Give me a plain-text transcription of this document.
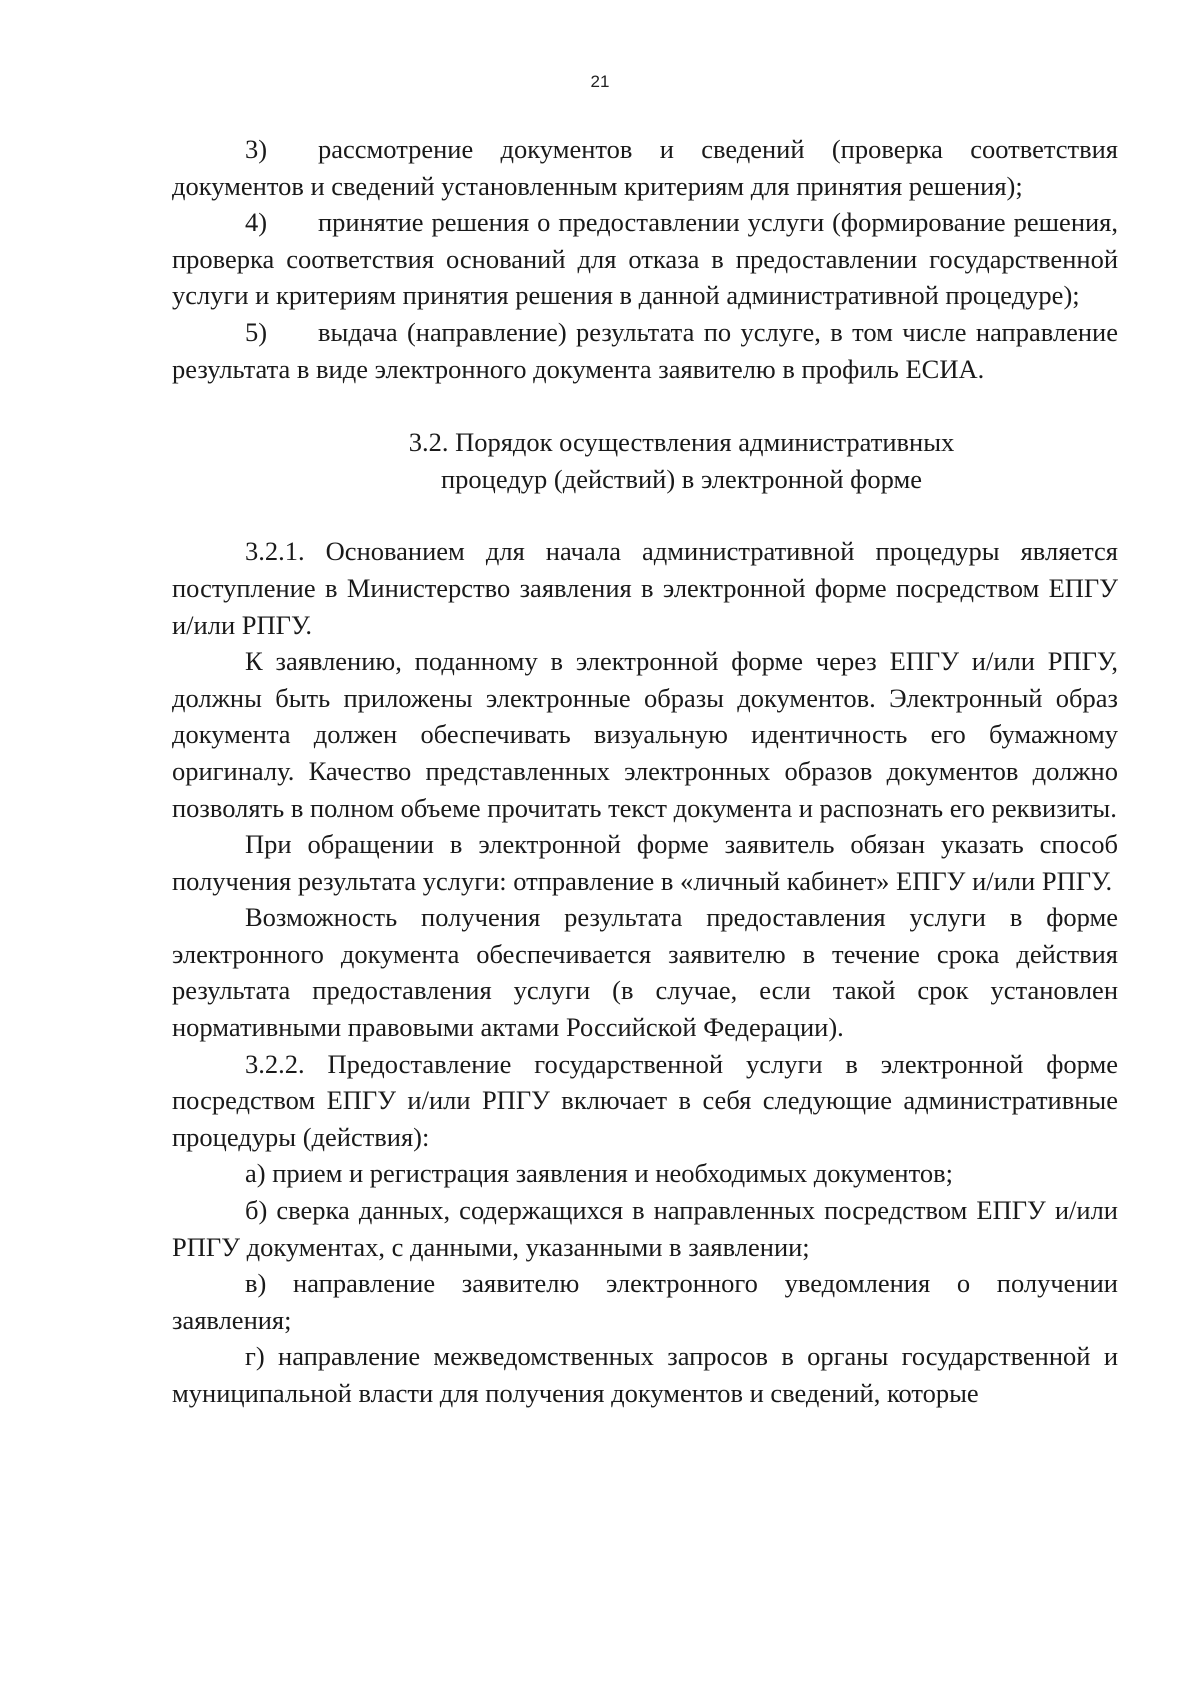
21

3) рассмотрение документов и сведений (проверка соответствия документов и сведений установленным критериям для принятия решения);

4) принятие решения о предоставлении услуги (формирование решения, проверка соответствия оснований для отказа в предоставлении государственной услуги и критериям принятия решения в данной административной процедуре);

5) выдача (направление) результата по услуге, в том числе направление результата в виде электронного документа заявителю в профиль ЕСИА.

3.2. Порядок осуществления административных
процедур (действий) в электронной форме

3.2.1. Основанием для начала административной процедуры является поступление в Министерство заявления в электронной форме посредством ЕПГУ и/или РПГУ.

К заявлению, поданному в электронной форме через ЕПГУ и/или РПГУ, должны быть приложены электронные образы документов. Электронный образ документа должен обеспечивать визуальную идентичность его бумажному оригиналу. Качество представленных электронных образов документов должно позволять в полном объеме прочитать текст документа и распознать его реквизиты.

При обращении в электронной форме заявитель обязан указать способ получения результата услуги: отправление в «личный кабинет» ЕПГУ и/или РПГУ.

Возможность получения результата предоставления услуги в форме электронного документа обеспечивается заявителю в течение срока действия результата предоставления услуги (в случае, если такой срок установлен нормативными правовыми актами Российской Федерации).

3.2.2. Предоставление государственной услуги в электронной форме посредством ЕПГУ и/или РПГУ включает в себя следующие административные процедуры (действия):

а) прием и регистрация заявления и необходимых документов;

б) сверка данных, содержащихся в направленных посредством ЕПГУ и/или РПГУ документах, с данными, указанными в заявлении;

в) направление заявителю электронного уведомления о получении заявления;

г) направление межведомственных запросов в органы государственной и муниципальной власти для получения документов и сведений, которые
